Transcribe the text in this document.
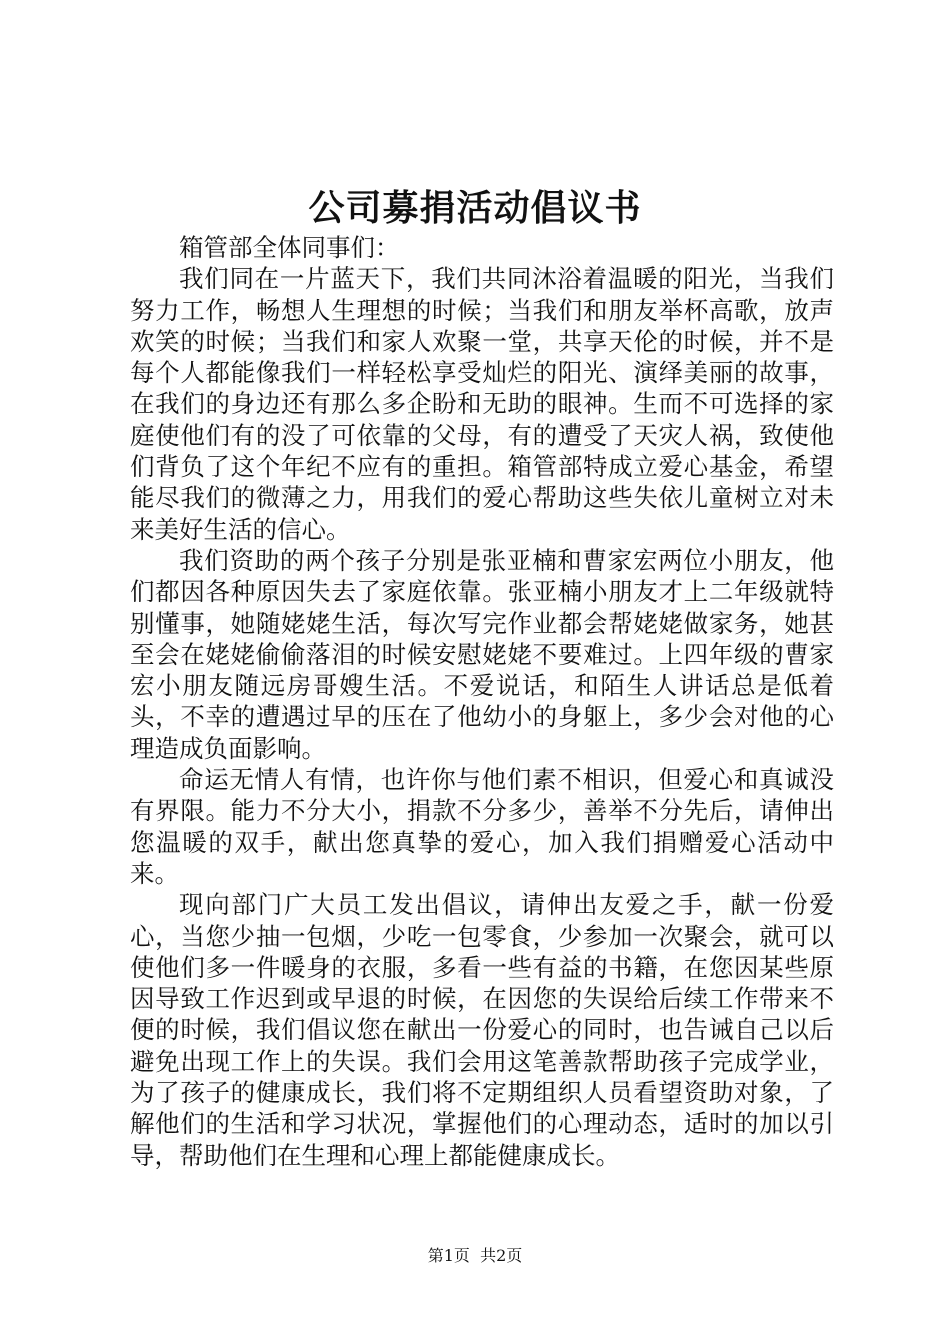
公司募捐活动倡议书

箱管部全体同事们：

我们同在一片蓝天下，我们共同沐浴着温暖的阳光，当我们努力工作，畅想人生理想的时候；当我们和朋友举杯高歌，放声欢笑的时候；当我们和家人欢聚一堂，共享天伦的时候，并不是每个人都能像我们一样轻松享受灿烂的阳光、演绎美丽的故事，在我们的身边还有那么多企盼和无助的眼神。生而不可选择的家庭使他们有的没了可依靠的父母，有的遭受了天灾人祸，致使他们背负了这个年纪不应有的重担。箱管部特成立爱心基金，希望能尽我们的微薄之力，用我们的爱心帮助这些失依儿童树立对未来美好生活的信心。

我们资助的两个孩子分别是张亚楠和曹家宏两位小朋友，他们都因各种原因失去了家庭依靠。张亚楠小朋友才上二年级就特别懂事，她随姥姥生活，每次写完作业都会帮姥姥做家务，她甚至会在姥姥偷偷落泪的时候安慰姥姥不要难过。上四年级的曹家宏小朋友随远房哥嫂生活。不爱说话，和陌生人讲话总是低着头，不幸的遭遇过早的压在了他幼小的身躯上，多少会对他的心理造成负面影响。

命运无情人有情，也许你与他们素不相识，但爱心和真诚没有界限。能力不分大小，捐款不分多少，善举不分先后，请伸出您温暖的双手，献出您真挚的爱心，加入我们捐赠爱心活动中来。

现向部门广大员工发出倡议，请伸出友爱之手，献一份爱心，当您少抽一包烟，少吃一包零食，少参加一次聚会，就可以使他们多一件暖身的衣服，多看一些有益的书籍，在您因某些原因导致工作迟到或早退的时候，在因您的失误给后续工作带来不便的时候，我们倡议您在献出一份爱心的同时，也告诫自己以后避免出现工作上的失误。我们会用这笔善款帮助孩子完成学业，为了孩子的健康成长，我们将不定期组织人员看望资助对象，了解他们的生活和学习状况，掌握他们的心理动态，适时的加以引导，帮助他们在生理和心理上都能健康成长。

第1页 共2页
